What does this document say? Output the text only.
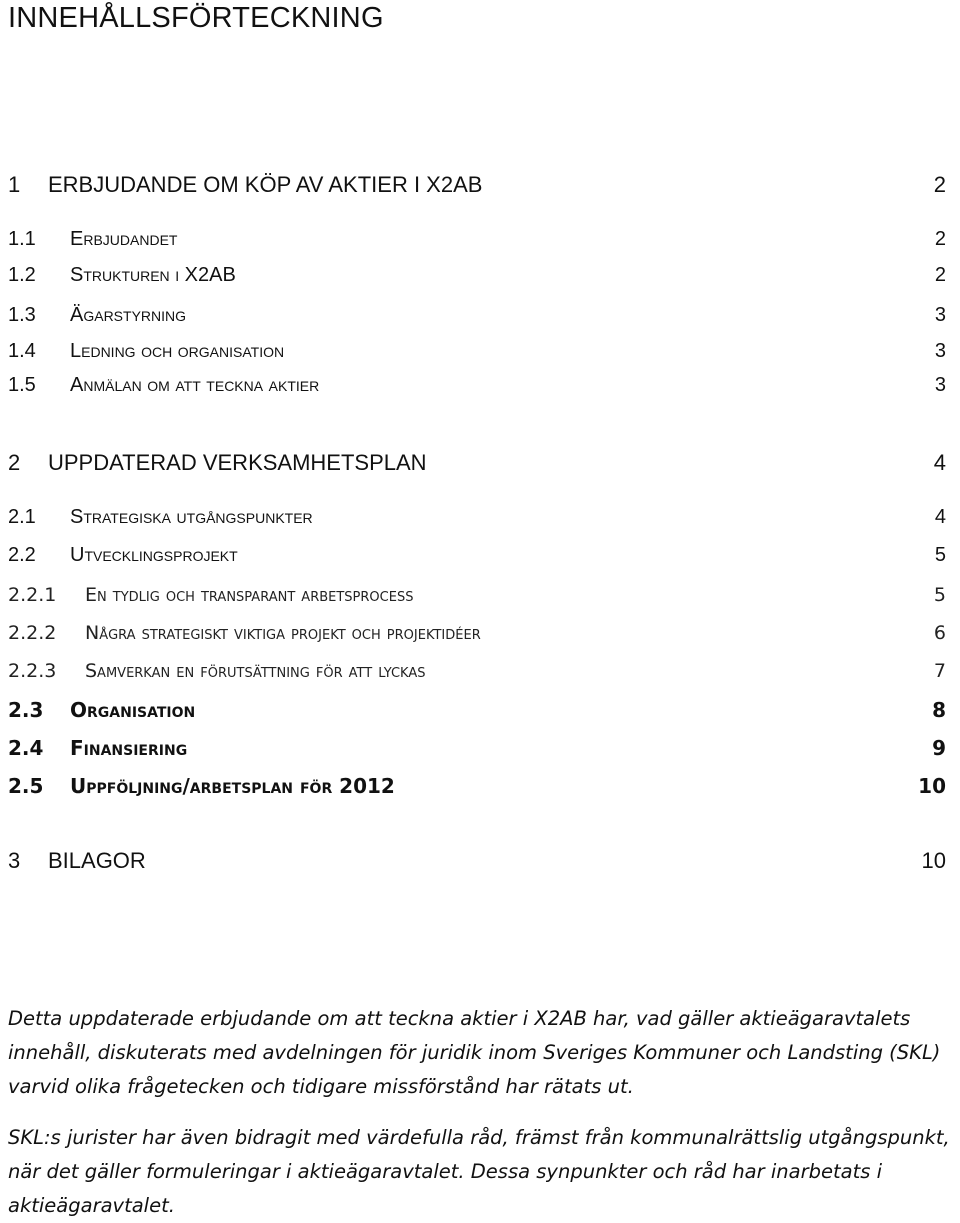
INNEHÅLLSFÖRTECKNING
1	ERBJUDANDE OM KÖP AV AKTIER I X2AB	2
1.1	Erbjudandet	2
1.2	Strukturen i X2AB	2
1.3	Ägarstyrning	3
1.4	Ledning och organisation	3
1.5	Anmälan om att teckna aktier	3
2	UPPDATERAD VERKSAMHETSPLAN	4
2.1	Strategiska utgångspunkter	4
2.2	Utvecklingsprojekt	5
2.2.1	En tydlig och transparant arbetsprocess	5
2.2.2	Några strategiskt viktiga projekt och projektidéer	6
2.2.3	Samverkan en förutsättning för att lyckas	7
2.3	Organisation	8
2.4	Finansiering	9
2.5	Uppföljning/arbetsplan för 2012	10
3	BILAGOR	10

Detta uppdaterade erbjudande om att teckna aktier i X2AB har, vad gäller aktieägaravtalets innehåll, diskuterats med avdelningen för juridik inom Sveriges Kommuner och Landsting (SKL) varvid olika frågetecken och tidigare missförstånd har rätats ut.

SKL:s jurister har även bidragit med värdefulla råd, främst från kommunalrättslig utgångspunkt, när det gäller formuleringar i aktieägaravtalet. Dessa synpunkter och råd har inarbetats i aktieägaravtalet.
